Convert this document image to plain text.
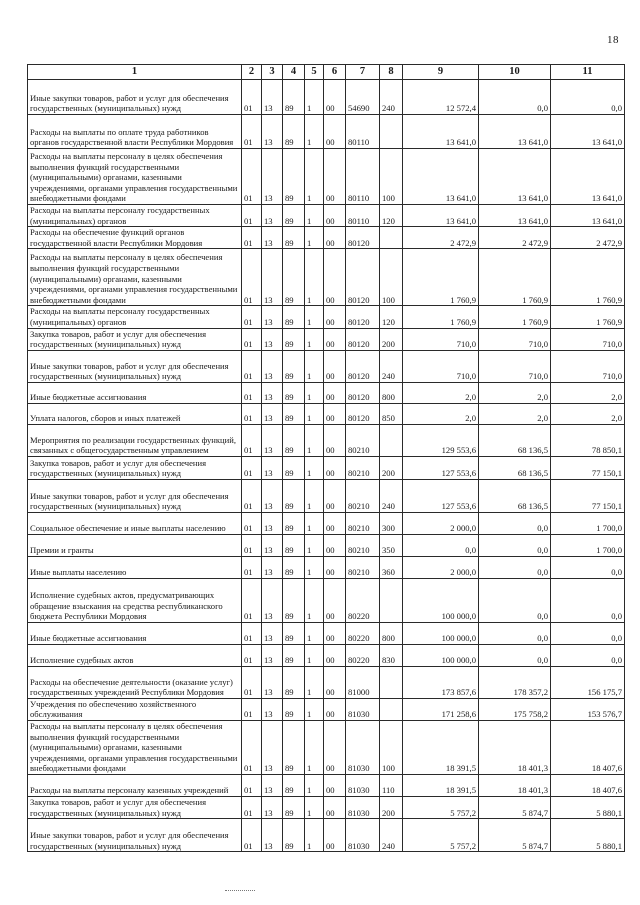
18
1	2	3	4	5	6	7	8	9	10	11
Иные закупки товаров, работ и услуг для обеспечения государственных (муниципальных) нужд	01	13	89	1	00	54690	240	12 572,4	0,0	0,0
Расходы на выплаты по оплате труда работников органов государственной власти Республики Мордовия	01	13	89	1	00	80110		13 641,0	13 641,0	13 641,0
Расходы на выплаты персоналу в целях обеспечения выполнения функций государственными (муниципальными) органами, казенными учреждениями, органами управления государственными внебюджетными фондами	01	13	89	1	00	80110	100	13 641,0	13 641,0	13 641,0
Расходы на выплаты персоналу государственных (муниципальных) органов	01	13	89	1	00	80110	120	13 641,0	13 641,0	13 641,0
Расходы на обеспечение функций органов государственной власти Республики Мордовия	01	13	89	1	00	80120		2 472,9	2 472,9	2 472,9
Расходы на выплаты персоналу в целях обеспечения выполнения функций государственными (муниципальными) органами, казенными учреждениями, органами управления государственными внебюджетными фондами	01	13	89	1	00	80120	100	1 760,9	1 760,9	1 760,9
Расходы на выплаты персоналу государственных (муниципальных) органов	01	13	89	1	00	80120	120	1 760,9	1 760,9	1 760,9
Закупка товаров, работ и услуг для обеспечения государственных (муниципальных) нужд	01	13	89	1	00	80120	200	710,0	710,0	710,0
Иные закупки товаров, работ и услуг для обеспечения государственных (муниципальных) нужд	01	13	89	1	00	80120	240	710,0	710,0	710,0
Иные бюджетные ассигнования	01	13	89	1	00	80120	800	2,0	2,0	2,0
Уплата налогов, сборов и иных платежей	01	13	89	1	00	80120	850	2,0	2,0	2,0
Мероприятия по реализации государственных функций, связанных с общегосударственным управлением	01	13	89	1	00	80210		129 553,6	68 136,5	78 850,1
Закупка товаров, работ и услуг для обеспечения государственных (муниципальных) нужд	01	13	89	1	00	80210	200	127 553,6	68 136,5	77 150,1
Иные закупки товаров, работ и услуг для обеспечения государственных (муниципальных) нужд	01	13	89	1	00	80210	240	127 553,6	68 136,5	77 150,1
Социальное обеспечение и иные выплаты населению	01	13	89	1	00	80210	300	2 000,0	0,0	1 700,0
Премии и гранты	01	13	89	1	00	80210	350	0,0	0,0	1 700,0
Иные выплаты населению	01	13	89	1	00	80210	360	2 000,0	0,0	0,0
Исполнение судебных актов, предусматривающих обращение взыскания на средства республиканского бюджета Республики Мордовия	01	13	89	1	00	80220		100 000,0	0,0	0,0
Иные бюджетные ассигнования	01	13	89	1	00	80220	800	100 000,0	0,0	0,0
Исполнение судебных актов	01	13	89	1	00	80220	830	100 000,0	0,0	0,0
Расходы на обеспечение деятельности (оказание услуг) государственных учреждений Республики Мордовия	01	13	89	1	00	81000		173 857,6	178 357,2	156 175,7
Учреждения по обеспечению хозяйственного обслуживания	01	13	89	1	00	81030		171 258,6	175 758,2	153 576,7
Расходы на выплаты персоналу в целях обеспечения выполнения функций государственными (муниципальными) органами, казенными учреждениями, органами управления государственными внебюджетными фондами	01	13	89	1	00	81030	100	18 391,5	18 401,3	18 407,6
Расходы на выплаты персоналу казенных учреждений	01	13	89	1	00	81030	110	18 391,5	18 401,3	18 407,6
Закупка товаров, работ и услуг для обеспечения государственных (муниципальных) нужд	01	13	89	1	00	81030	200	5 757,2	5 874,7	5 880,1
Иные закупки товаров, работ и услуг для обеспечения государственных (муниципальных) нужд	01	13	89	1	00	81030	240	5 757,2	5 874,7	5 880,1
